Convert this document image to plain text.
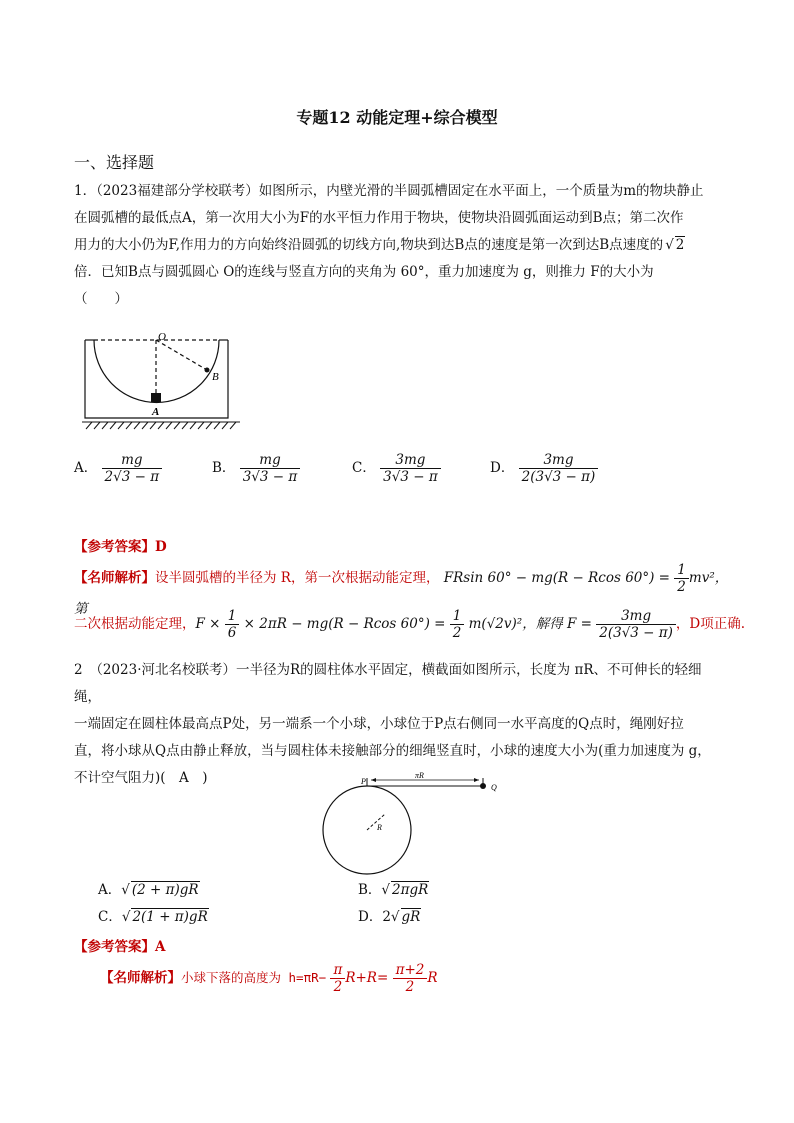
专题12 动能定理+综合模型
一、选择题
1．（2023福建部分学校联考）如图所示，内壁光滑的半圆弧槽固定在水平面上，一个质量为m的物块静止
在圆弧槽的最低点A，第一次用大小为F的水平恒力作用于物块，使物块沿圆弧面运动到B点；第二次作
用力的大小仍为F,作用力的方向始终沿圆弧的切线方向,物块到达B点的速度是第一次到达B点速度的 √ 2
倍．已知B点与圆弧圆心 O的连线与竖直方向的夹角为 60°，重力加速度为 g，则推力 F的大小为
（　　）
O
A
B
A． $\frac{mg}{2√3 - \pi}$	B． $\frac{mg}{3√3 - \pi}$	C． $\frac{3mg}{3√3 - \pi}$	D． $\frac{3mg}{2(3√3 - \pi)}$
【参考答案】D
【名师解析】设半圆弧槽的半径为 R，第一次根据动能定理， FRsin 60° − mg(R − Rcos $60^\circ) = \frac{1}{2} mv^2$，第
二次根据动能定理，$F \times \frac{1}{6} \times 2\pi R - mg(R - Rcos$ $60^\circ) = \frac{1}{2} m(√2v)^2$，解得 $F = \frac{3mg}{2(3√3 - \pi)}$ ，D项正确.
2　（2023·河北名校联考）一半径为R的圆柱体水平固定，横截面如图所示，长度为 πR、不可伸长的轻细绳，
一端固定在圆柱体最高点P处，另一端系一个小球，小球位于P点右侧同一水平高度的Q点时，绳刚好拉
直，将小球从Q点由静止释放，当与圆柱体未接触部分的细绳竖直时，小球的速度大小为(重力加速度为 g，
不计空气阻力)(　A　)	P
Q
πR
R
A．√ (2 + π)gR	B．√ 2πgR
C．√ 2(1 + π)gR	D．2√ gR
【参考答案】A
【名师解析】小球下落的高度为 $h=\pi R- \frac{\pi}{2} R+R= \frac{\pi+2}{2}$ R
